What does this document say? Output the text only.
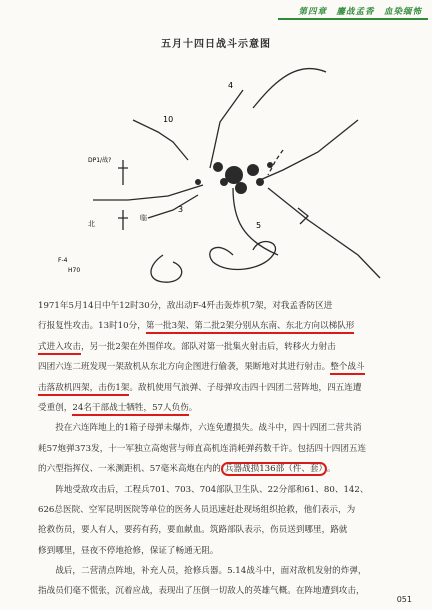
第四章　鏖战孟香　血染缅怖
五月十四日战斗示意图
10
4
3
5
DP1/战?
临
北
F-4
H70
1971年5月14日中午12时30分，敌出动F-4歼击轰炸机7架，对我孟香防区进
行报复性攻击。13时10分，第一批3架、第二批2架分别从东南、东北方向以梯队形
式进入攻击，另一批2架在外围佯攻。部队对第一批集火射击后，转移火力射击
四团六连二班发现一架敌机从东北方向企图进行偷袭，果断地对其进行射击。整个战斗
击落敌机四架，击伤1架。敌机使用气浪弹、子母弹攻击四十四团二营阵地，四五连遭
受重创，24名干部战士牺牲，57人负伤。
　　投在六连阵地上的1箱子母弹未爆炸，六连免遭损失。战斗中，四十四团二营共消
耗57炮弹373发，十一军独立高炮营与师直高机连消耗弹药数千许。包括四十四团五连
的六型指挥仪、一米测距机、57毫米高炮在内的 兵器战损136部（件、套） 。
　　阵地受敌攻击后，工程兵701、703、704部队卫生队、22分部和61、80、142、
626总医院、空军昆明医院等单位的医务人员迅速赶赴现场组织抢救，他们表示，为
抢救伤员，要人有人，要药有药，要血献血。筑路部队表示，伤员送到哪里，路就
修到哪里，昼夜不停地抢修，保证了畅通无阻。
　　战后，二营清点阵地，补充人员，抢修兵器。5.14战斗中，面对敌机发射的炸弹，
指战员们毫不慌张，沉着应战，表现出了压倒一切敌人的英雄气概。在阵地遭到攻击，
051
